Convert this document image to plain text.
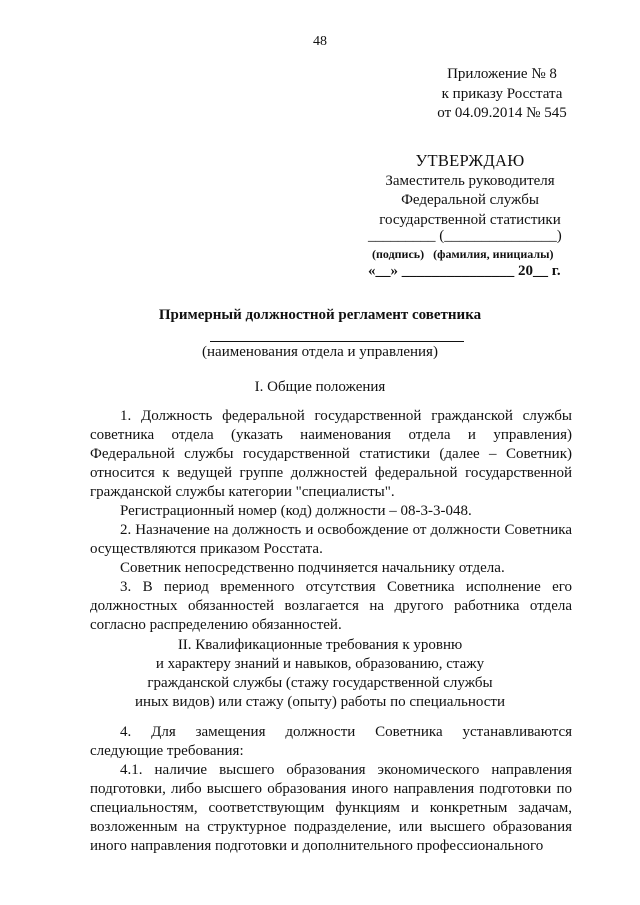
48
Приложение № 8
к приказу Росстата
от 04.09.2014 № 545
УТВЕРЖДАЮ
Заместитель руководителя
Федеральной службы
государственной статистики
_________ (_______________)
(подпись) (фамилия, инициалы)
«__» _______________ 20__ г.
Примерный должностной регламент советника
(наименования отдела и управления)
I. Общие положения

1. Должность федеральной государственной гражданской службы советника отдела (указать наименования отдела и управления) Федеральной службы государственной статистики (далее – Советник) относится к ведущей группе должностей федеральной государственной гражданской службы категории "специалисты".

Регистрационный номер (код) должности – 08-3-3-048.

2. Назначение на должность и освобождение от должности Советника осуществляются приказом Росстата.

Советник непосредственно подчиняется начальнику отдела.

3. В период временного отсутствия Советника исполнение его должностных обязанностей возлагается на другого работника отдела согласно распределению обязанностей.

II. Квалификационные требования к уровню
и характеру знаний и навыков, образованию, стажу
гражданской службы (стажу государственной службы
иных видов) или стажу (опыту) работы по специальности
4. Для замещения должности Советника устанавливаются

следующие требования:

4.1. наличие высшего образования экономического направления подготовки, либо высшего образования иного направления подготовки по специальностям, соответствующим функциям и конкретным задачам, возложенным на структурное подразделение, или высшего образования иного направления подготовки и дополнительного профессионального
